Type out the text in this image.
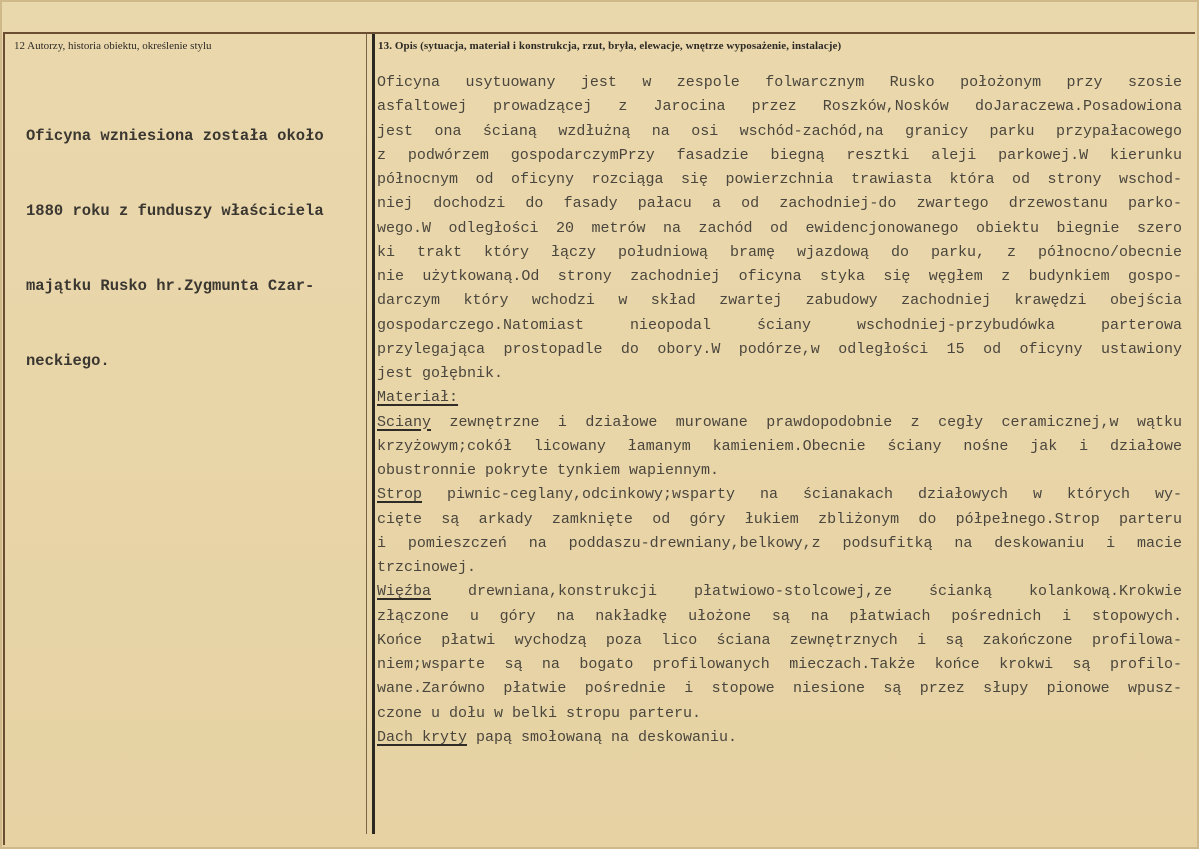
12 Autorzy, historia obiektu, określenie stylu	13. Opis (sytuacja, materiał i konstrukcja, rzut, bryła, elewacje, wnętrze wyposażenie, instalacje)

Oficyna wzniesiona została około

1880 roku z funduszy właściciela

majątku Rusko hr.Zygmunta Czar-

neckiego.

Oficyna usytuowany jest w zespole folwarcznym Rusko położonym przy szosie
asfaltowej prowadzącej z Jarocina przez Roszków,Nosków doJaraczewa.Posadowiona
jest ona ścianą wzdłużną na osi wschód-zachód,na granicy parku przypałacowego
z podwórzem gospodarczymPrzy fasadzie biegną resztki aleji parkowej.W kierunku
północnym od oficyny rozciąga się powierzchnia trawiasta która od strony wschod-
niej dochodzi do fasady pałacu a od zachodniej-do zwartego drzewostanu parko-
wego.W odległości 20 metrów na zachód od ewidencjonowanego obiektu biegnie szero
ki trakt który łączy południową bramę wjazdową do parku, z północno/obecnie
nie użytkowaną.Od strony zachodniej oficyna styka się węgłem z budynkiem gospo-
darczym który wchodzi w skład zwartej zabudowy zachodniej krawędzi obejścia
gospodarczego.Natomiast nieopodal ściany wschodniej-przybudówka parterowa
przylegająca prostopadle do obory.W podórze,w odległości 15 od oficyny ustawiony
jest gołębnik.
Materiał:
Sciany zewnętrzne i działowe murowane prawdopodobnie z cegły ceramicznej,w wątku
krzyżowym;cokół licowany łamanym kamieniem.Obecnie ściany nośne jak i działowe
obustronnie pokryte tynkiem wapiennym.
Strop piwnic-ceglany,odcinkowy;wsparty na ścianakach działowych w których wy-
cięte są arkady zamknięte od góry łukiem zbliżonym do półpełnego.Strop parteru
i pomieszczeń na poddaszu-drewniany,belkowy,z podsufitką na deskowaniu i macie
trzcinowej.
Więźba drewniana,konstrukcji płatwiowo-stolcowej,ze ścianką kolankową.Krokwie
złączone u góry na nakładkę ułożone są na płatwiach pośrednich i stopowych.
Końce płatwi wychodzą poza lico ściana zewnętrznych i są zakończone profilowa-
niem;wsparte są na bogato profilowanych mieczach.Także końce krokwi są profilo-
wane.Zarówno płatwie pośrednie i stopowe niesione są przez słupy pionowe wpusz-
czone u dołu w belki stropu parteru.
Dach kryty papą smołowaną na deskowaniu.
